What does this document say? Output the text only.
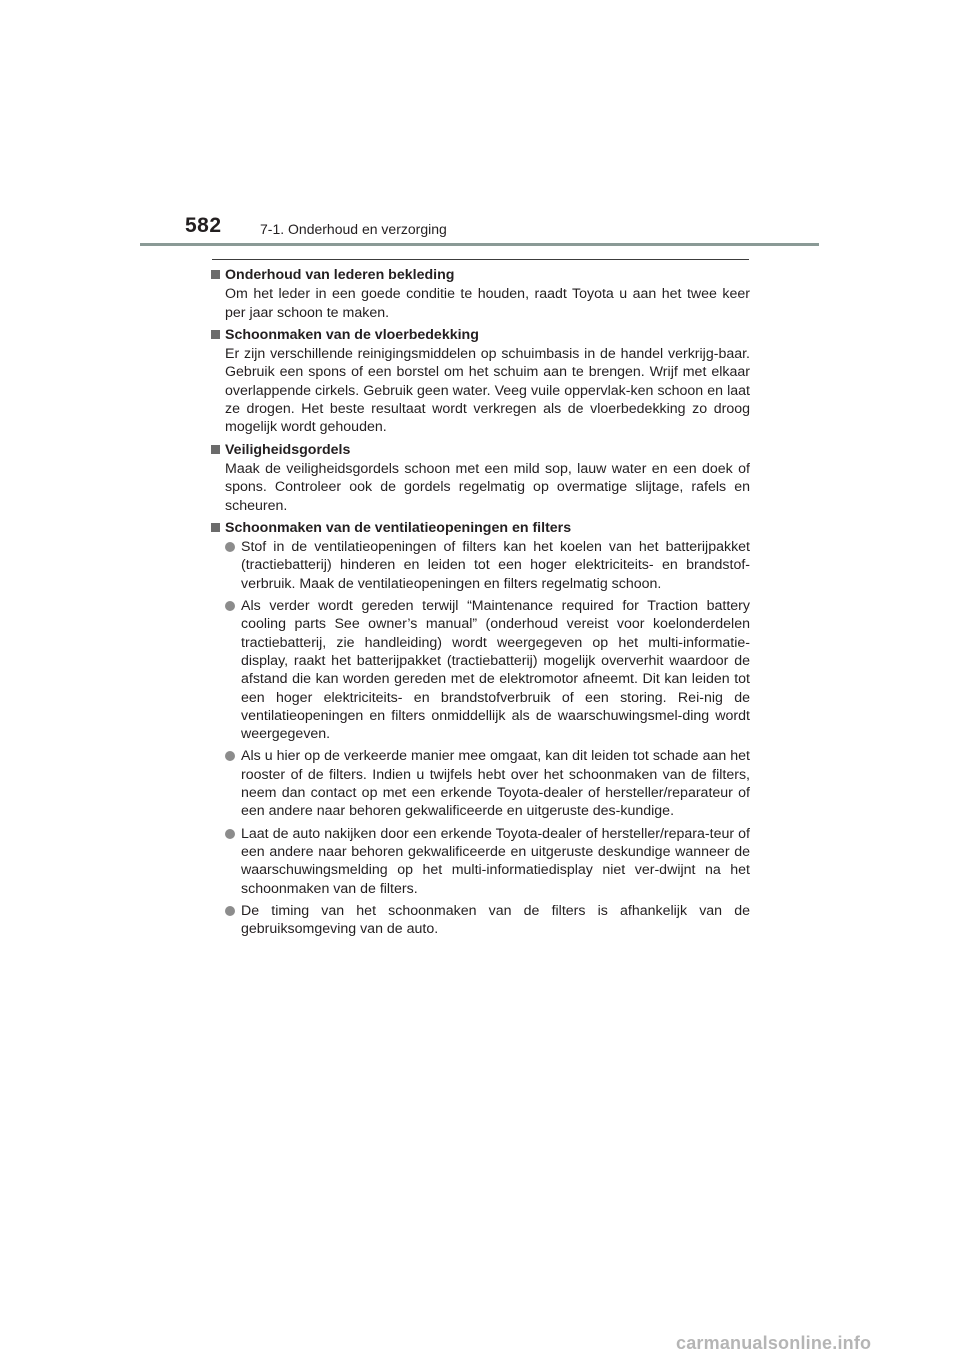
582	7-1. Onderhoud en verzorging
Onderhoud van lederen bekleding
Om het leder in een goede conditie te houden, raadt Toyota u aan het twee keer per jaar schoon te maken.
Schoonmaken van de vloerbedekking
Er zijn verschillende reinigingsmiddelen op schuimbasis in de handel verkrijg-baar. Gebruik een spons of een borstel om het schuim aan te brengen. Wrijf met elkaar overlappende cirkels. Gebruik geen water. Veeg vuile oppervlak-ken schoon en laat ze drogen. Het beste resultaat wordt verkregen als de vloerbedekking zo droog mogelijk wordt gehouden.
Veiligheidsgordels
Maak de veiligheidsgordels schoon met een mild sop, lauw water en een doek of spons. Controleer ook de gordels regelmatig op overmatige slijtage, rafels en scheuren.
Schoonmaken van de ventilatieopeningen en filters
Stof in de ventilatieopeningen of filters kan het koelen van het batterijpakket (tractiebatterij) hinderen en leiden tot een hoger elektriciteits- en brandstof-verbruik. Maak de ventilatieopeningen en filters regelmatig schoon.
Als verder wordt gereden terwijl “Maintenance required for Traction battery cooling parts See owner’s manual” (onderhoud vereist voor koelonderdelen tractiebatterij, zie handleiding) wordt weergegeven op het multi-informatie-display, raakt het batterijpakket (tractiebatterij) mogelijk oververhit waardoor de afstand die kan worden gereden met de elektromotor afneemt. Dit kan leiden tot een hoger elektriciteits- en brandstofverbruik of een storing. Rei-nig de ventilatieopeningen en filters onmiddellijk als de waarschuwingsmel-ding wordt weergegeven.
Als u hier op de verkeerde manier mee omgaat, kan dit leiden tot schade aan het rooster of de filters. Indien u twijfels hebt over het schoonmaken van de filters, neem dan contact op met een erkende Toyota-dealer of hersteller/reparateur of een andere naar behoren gekwalificeerde en uitgeruste des-kundige.
Laat de auto nakijken door een erkende Toyota-dealer of hersteller/repara-teur of een andere naar behoren gekwalificeerde en uitgeruste deskundige wanneer de waarschuwingsmelding op het multi-informatiedisplay niet ver-dwijnt na het schoonmaken van de filters.
De timing van het schoonmaken van de filters is afhankelijk van de gebruiksomgeving van de auto.
carmanualsonline.info
